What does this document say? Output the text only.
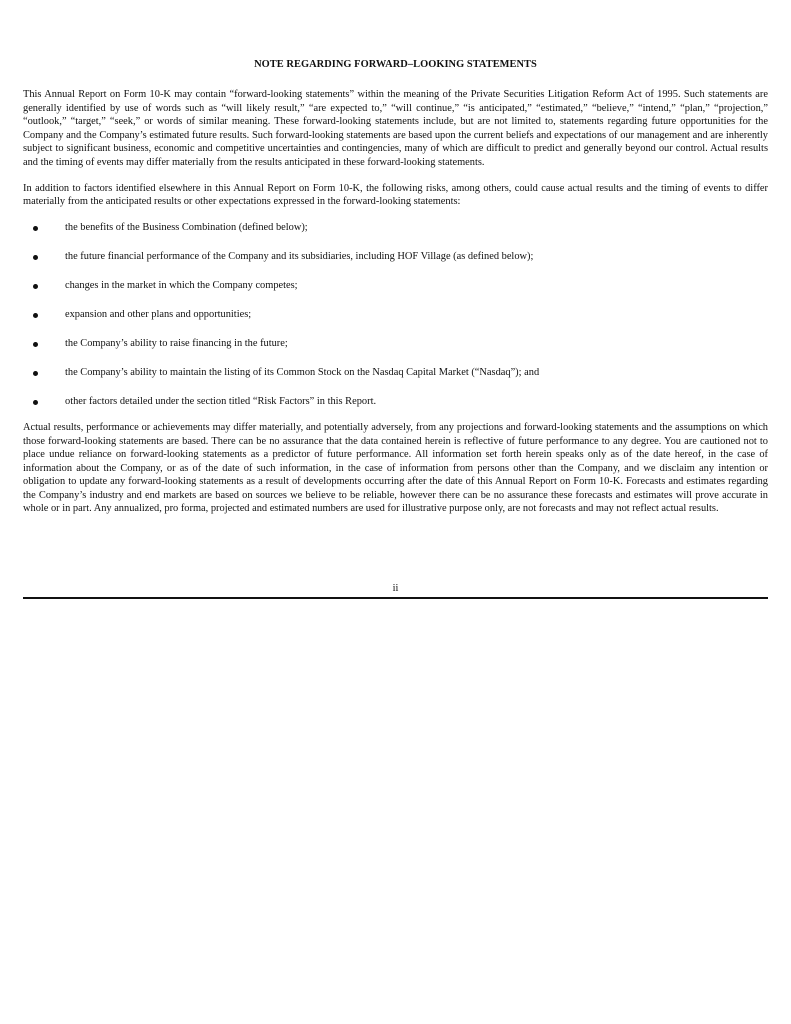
NOTE REGARDING FORWARD–LOOKING STATEMENTS

This Annual Report on Form 10-K may contain “forward-looking statements” within the meaning of the Private Securities Litigation Reform Act of 1995. Such statements are generally identified by use of words such as “will likely result,” “are expected to,” “will continue,” “is anticipated,” “estimated,” “believe,” “intend,” “plan,” “projection,” “outlook,” “target,” “seek,” or words of similar meaning. These forward-looking statements include, but are not limited to, statements regarding future opportunities for the Company and the Company’s estimated future results. Such forward-looking statements are based upon the current beliefs and expectations of our management and are inherently subject to significant business, economic and competitive uncertainties and contingencies, many of which are difficult to predict and generally beyond our control. Actual results and the timing of events may differ materially from the results anticipated in these forward-looking statements.

In addition to factors identified elsewhere in this Annual Report on Form 10-K, the following risks, among others, could cause actual results and the timing of events to differ materially from the anticipated results or other expectations expressed in the forward-looking statements:

the benefits of the Business Combination (defined below);
the future financial performance of the Company and its subsidiaries, including HOF Village (as defined below);
changes in the market in which the Company competes;
expansion and other plans and opportunities;
the Company’s ability to raise financing in the future;
the Company’s ability to maintain the listing of its Common Stock on the Nasdaq Capital Market (“Nasdaq”); and
other factors detailed under the section titled “Risk Factors” in this Report.

Actual results, performance or achievements may differ materially, and potentially adversely, from any projections and forward-looking statements and the assumptions on which those forward-looking statements are based. There can be no assurance that the data contained herein is reflective of future performance to any degree. You are cautioned not to place undue reliance on forward-looking statements as a predictor of future performance. All information set forth herein speaks only as of the date hereof, in the case of information about the Company, or as of the date of such information, in the case of information from persons other than the Company, and we disclaim any intention or obligation to update any forward-looking statements as a result of developments occurring after the date of this Annual Report on Form 10-K. Forecasts and estimates regarding the Company’s industry and end markets are based on sources we believe to be reliable, however there can be no assurance these forecasts and estimates will prove accurate in whole or in part. Any annualized, pro forma, projected and estimated numbers are used for illustrative purpose only, are not forecasts and may not reflect actual results.

ii
